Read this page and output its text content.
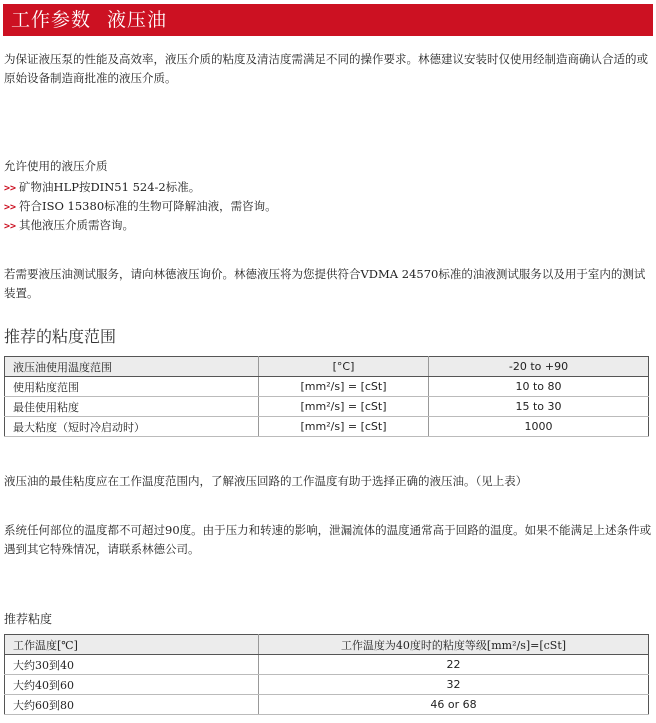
工作参数 液压油
为保证液压泵的性能及高效率，液压介质的粘度及清洁度需满足不同的操作要求。林德建议安装时仅使用经制造商确认合适的或原始设备制造商批准的液压介质。
允许使用的液压介质
>> 矿物油HLP按DIN51 524-2标准。
>> 符合ISO 15380标准的生物可降解油液，需咨询。
>> 其他液压介质需咨询。
若需要液压油测试服务，请向林德液压询价。林德液压将为您提供符合VDMA 24570标准的油液测试服务以及用于室内的测试装置。
推荐的粘度范围
液压油使用温度范围	[°C]	-20 to +90
使用粘度范围	[mm²/s] = [cSt]	10 to 80
最佳使用粘度	[mm²/s] = [cSt]	15 to 30
最大粘度（短时冷启动时）	[mm²/s] = [cSt]	1000
液压油的最佳粘度应在工作温度范围内，了解液压回路的工作温度有助于选择正确的液压油。（见上表）
系统任何部位的温度都不可超过90度。由于压力和转速的影响，泄漏流体的温度通常高于回路的温度。如果不能满足上述条件或遇到其它特殊情况，请联系林德公司。
推荐粘度
工作温度[℃]	工作温度为40度时的粘度等级[mm²/s]=[cSt]
大约30到40	22
大约40到60	32
大约60到80	46 or 68
